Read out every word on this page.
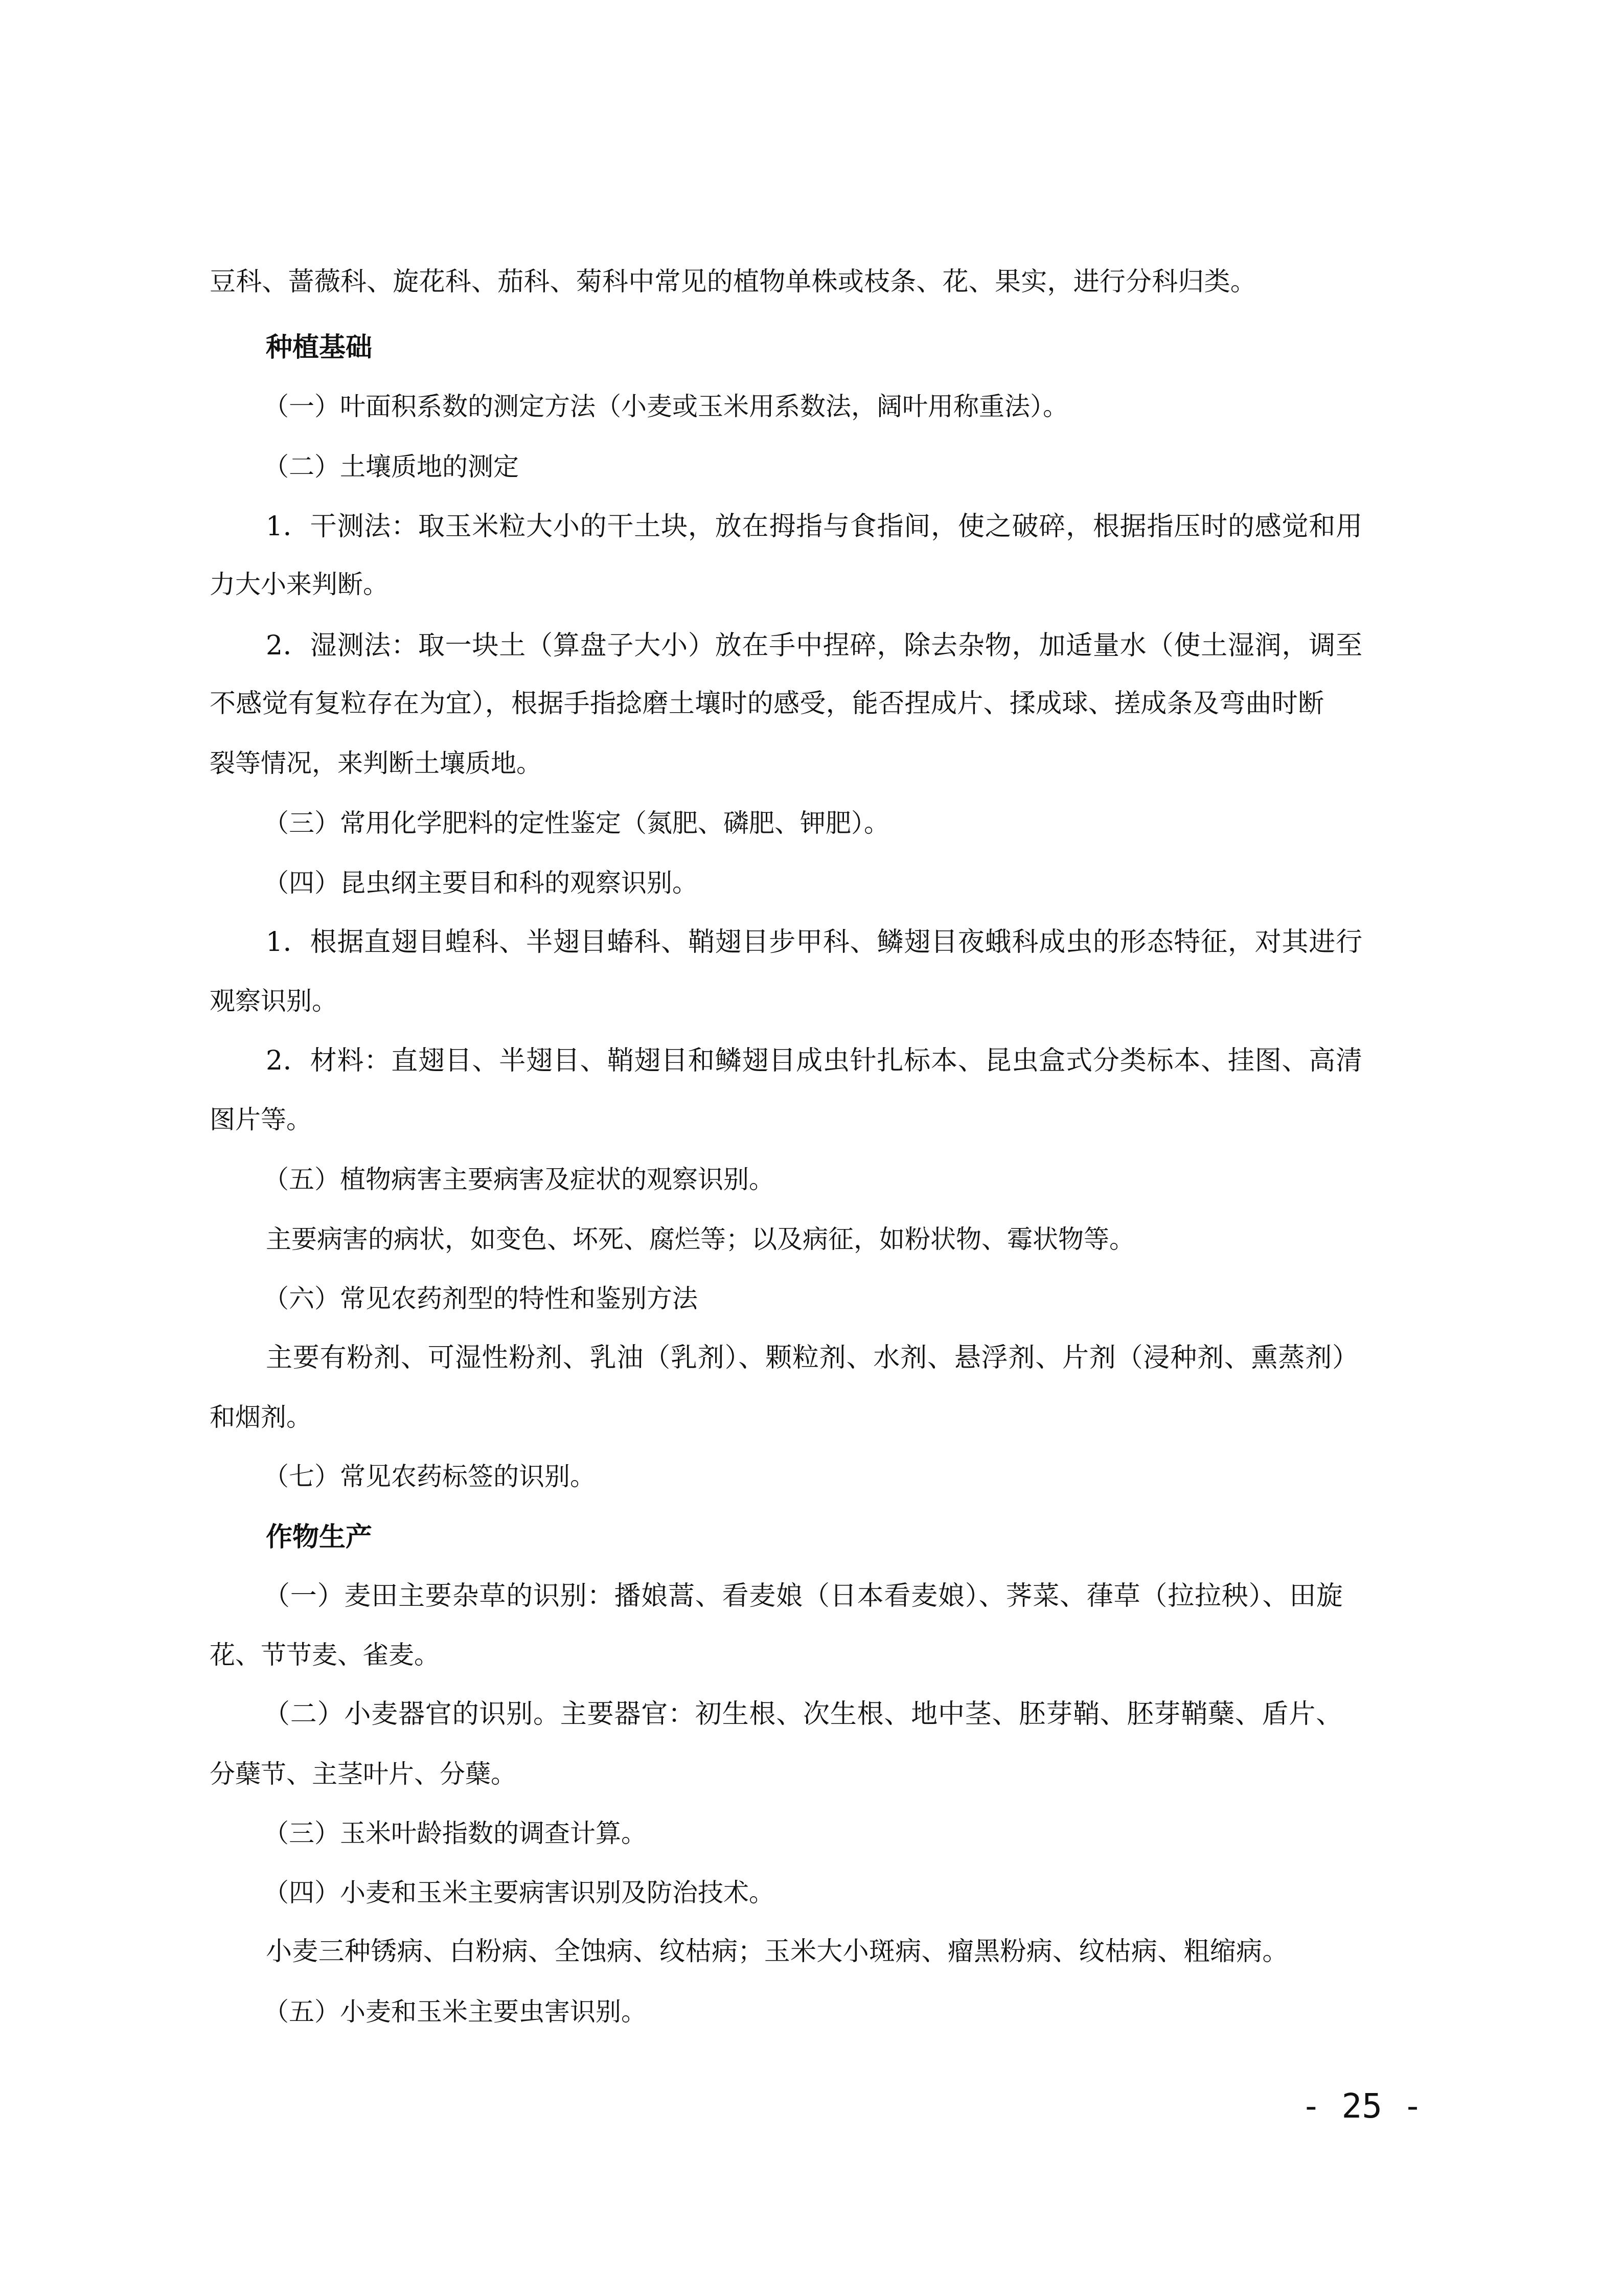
豆科、蔷薇科、旋花科、茄科、菊科中常见的植物单株或枝条、花、果实，进行分科归类。
种植基础
（一）叶面积系数的测定方法（小麦或玉米用系数法，阔叶用称重法）。
（二）土壤质地的测定
1．干测法：取玉米粒大小的干土块，放在拇指与食指间，使之破碎，根据指压时的感觉和用
力大小来判断。
2．湿测法：取一块土（算盘子大小）放在手中捏碎，除去杂物，加适量水（使土湿润，调至
不感觉有复粒存在为宜），根据手指捻磨土壤时的感受，能否捏成片、揉成球、搓成条及弯曲时断
裂等情况，来判断土壤质地。
（三）常用化学肥料的定性鉴定（氮肥、磷肥、钾肥）。
（四）昆虫纲主要目和科的观察识别。
1．根据直翅目蝗科、半翅目蝽科、鞘翅目步甲科、鳞翅目夜蛾科成虫的形态特征，对其进行
观察识别。
2．材料：直翅目、半翅目、鞘翅目和鳞翅目成虫针扎标本、昆虫盒式分类标本、挂图、高清
图片等。
（五）植物病害主要病害及症状的观察识别。
主要病害的病状，如变色、坏死、腐烂等；以及病征，如粉状物、霉状物等。
（六）常见农药剂型的特性和鉴别方法
主要有粉剂、可湿性粉剂、乳油（乳剂）、颗粒剂、水剂、悬浮剂、片剂（浸种剂、熏蒸剂）
和烟剂。
（七）常见农药标签的识别。
作物生产
（一）麦田主要杂草的识别：播娘蒿、看麦娘（日本看麦娘）、荠菜、葎草（拉拉秧）、田旋
花、节节麦、雀麦。
（二）小麦器官的识别。主要器官：初生根、次生根、地中茎、胚芽鞘、胚芽鞘蘖、盾片、
分蘖节、主茎叶片、分蘖。
（三）玉米叶龄指数的调查计算。
（四）小麦和玉米主要病害识别及防治技术。
小麦三种锈病、白粉病、全蚀病、纹枯病；玉米大小斑病、瘤黑粉病、纹枯病、粗缩病。
（五）小麦和玉米主要虫害识别。
- 25 -
